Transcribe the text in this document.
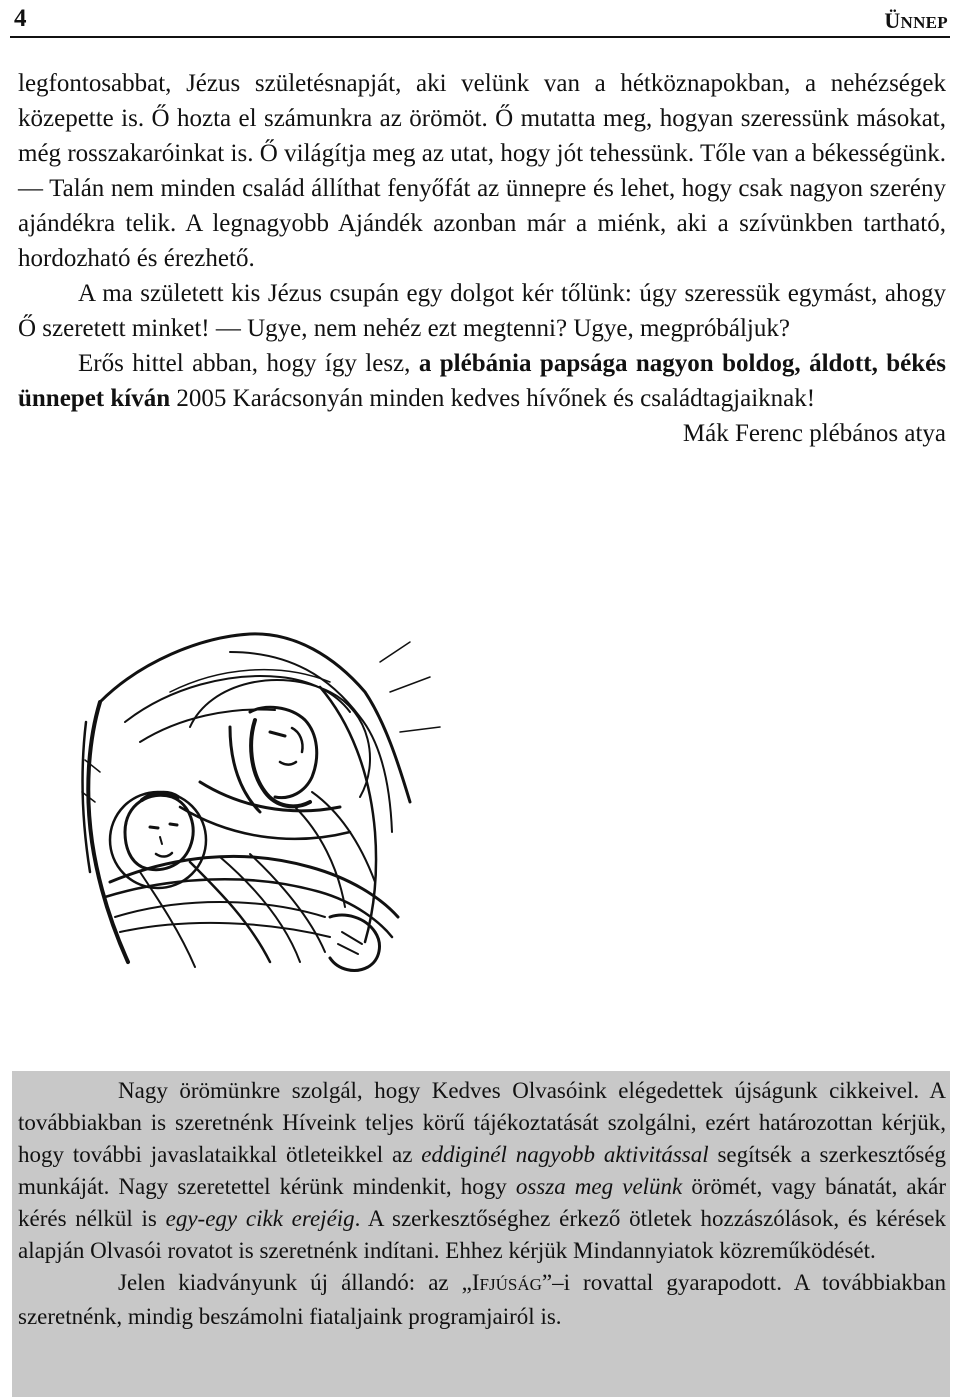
4	ÜNNEP

legfontosabbat, Jézus születésnapját, aki velünk van a hétköznapokban, a nehézségek közepette is. Ő hozta el számunkra az örömöt. Ő mutatta meg, hogyan szeressünk másokat, még rosszakaróinkat is. Ő világítja meg az utat, hogy jót tehessünk. Tőle van a békességünk. — Talán nem minden család állíthat fenyőfát az ünnepre és lehet, hogy csak nagyon szerény ajándékra telik. A legnagyobb Ajándék azonban már a miénk, aki a szívünkben tartható, hordozható és érezhető.

A ma született kis Jézus csupán egy dolgot kér tőlünk: úgy szeressük egymást, ahogy Ő szeretett minket! — Ugye, nem nehéz ezt megtenni? Ugye, megpróbáljuk?

Erős hittel abban, hogy így lesz, a plébánia papsága nagyon boldog, áldott, békés ünnepet kíván 2005 Karácsonyán minden kedves hívőnek és családtagjaiknak!

Mák Ferenc plébános atya

Nagy örömünkre szolgál, hogy Kedves Olvasóink elégedettek újságunk cikkeivel. A továbbiakban is szeretnénk Híveink teljes körű tájékoztatását szolgálni, ezért határozottan kérjük, hogy további javaslataikkal ötleteikkel az eddiginél nagyobb aktivitással segítsék a szerkesztőség munkáját. Nagy szeretettel kérünk mindenkit, hogy ossza meg velünk örömét, vagy bánatát, akár kérés nélkül is egy-egy cikk erejéig. A szerkesztőséghez érkező ötletek hozzászólások, és kérések alapján Olvasói rovatot is szeretnénk indítani. Ehhez kérjük Mindannyiatok közreműködését.

Jelen kiadványunk új állandó: az „IFJÚSÁG”–i rovattal gyarapodott. A továbbiakban szeretnénk, mindig beszámolni fiataljaink programjairól is.
